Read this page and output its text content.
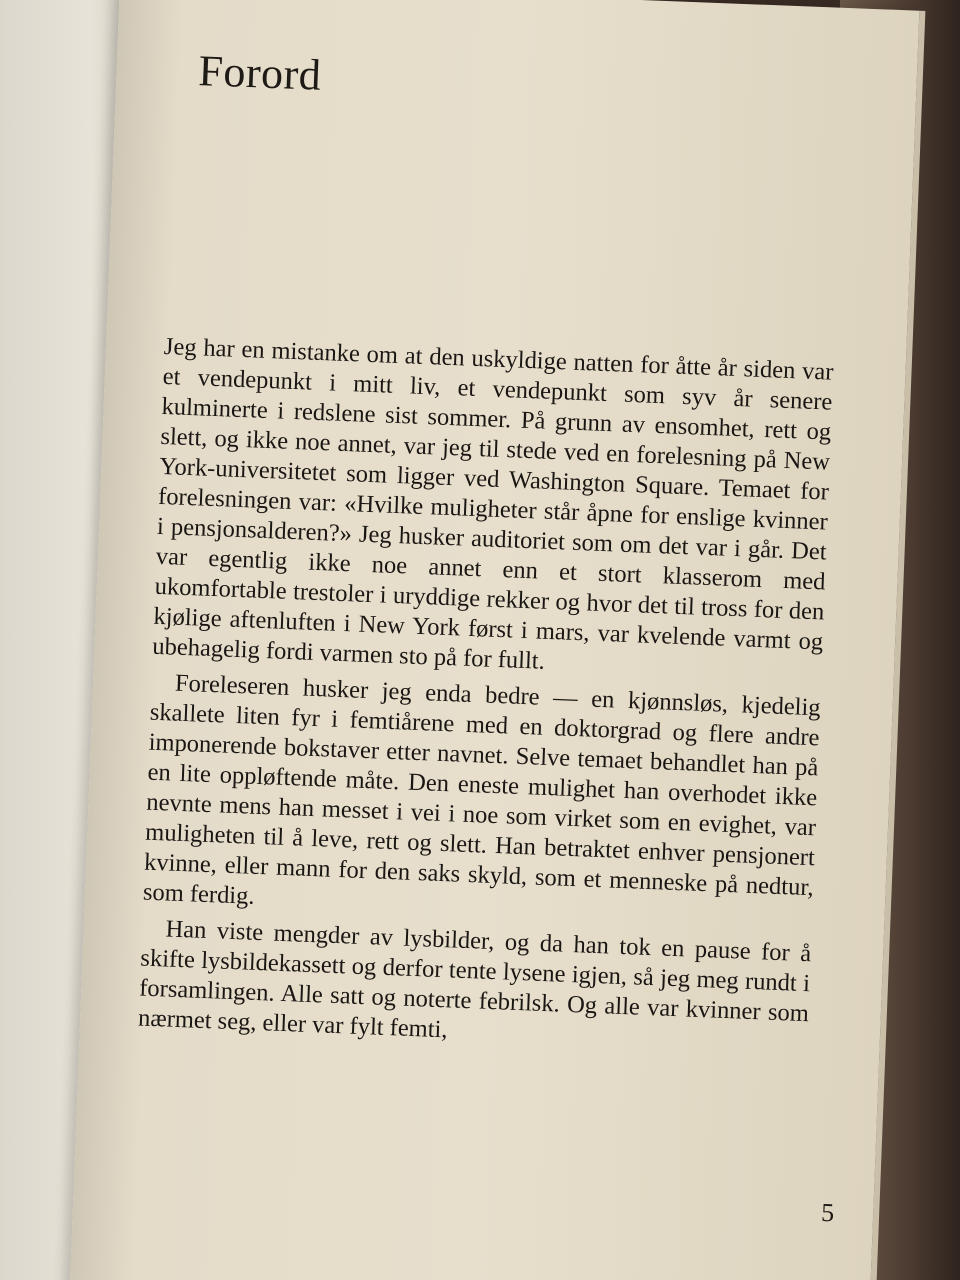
Forord

Jeg har en mistanke om at den uskyldige natten for åtte år siden var et vendepunkt i mitt liv, et vendepunkt som syv år senere kulminerte i redslene sist sommer. På grunn av ensomhet, rett og slett, og ikke noe annet, var jeg til stede ved en forelesning på New York-universitetet som ligger ved Washington Square. Temaet for forelesningen var: «Hvilke muligheter står åpne for enslige kvinner i pensjonsalderen?» Jeg husker auditoriet som om det var i går. Det var egentlig ikke noe annet enn et stort klasserom med ukomfortable trestoler i uryddige rekker og hvor det til tross for den kjølige aftenluften i New York først i mars, var kvelende varmt og ubehagelig fordi varmen sto på for fullt.

Foreleseren husker jeg enda bedre — en kjønnsløs, kjedelig skallete liten fyr i femtiårene med en doktorgrad og flere andre imponerende bokstaver etter navnet. Selve temaet behandlet han på en lite oppløftende måte. Den eneste mulighet han overhodet ikke nevnte mens han messet i vei i noe som virket som en evighet, var muligheten til å leve, rett og slett. Han betraktet enhver pensjonert kvinne, eller mann for den saks skyld, som et menneske på nedtur, som ferdig.

Han viste mengder av lysbilder, og da han tok en pause for å skifte lysbildekassett og derfor tente lysene igjen, så jeg meg rundt i forsamlingen. Alle satt og noterte febrilsk. Og alle var kvinner som nærmet seg, eller var fylt femti,

5
